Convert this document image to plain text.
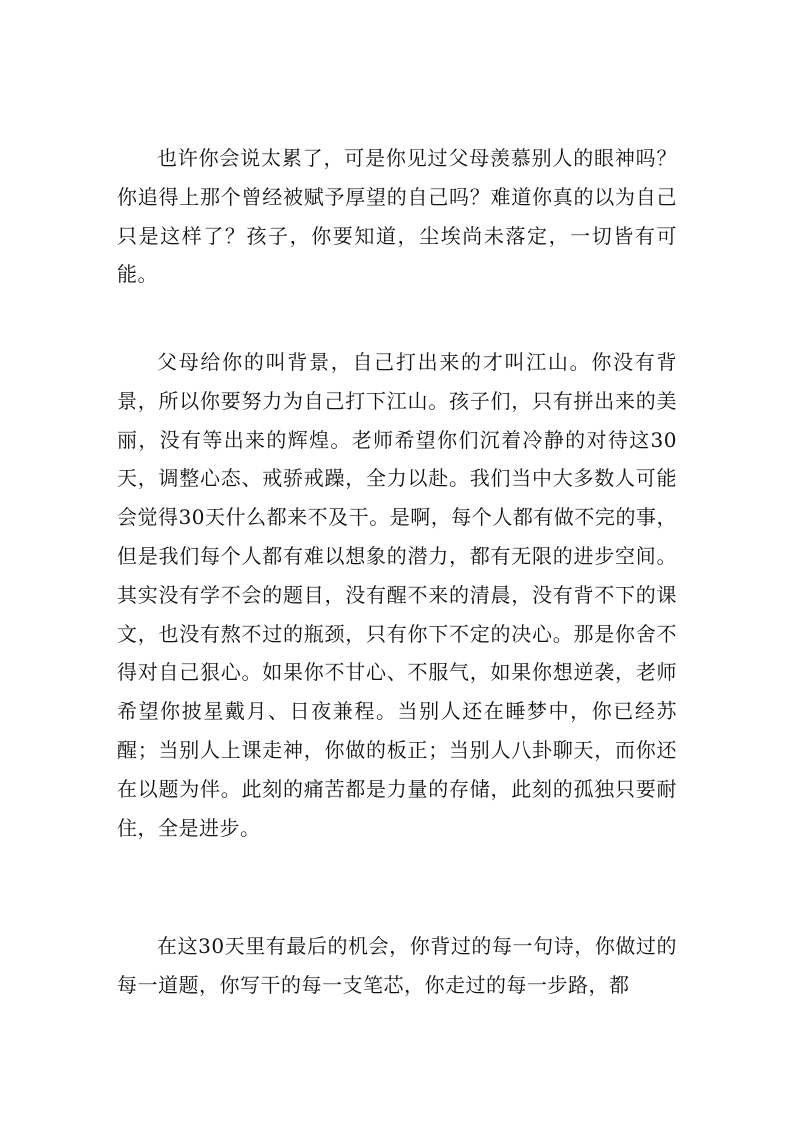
也许你会说太累了，可是你见过父母羡慕别人的眼神吗？你追得上那个曾经被赋予厚望的自己吗？难道你真的以为自己只是这样了？孩子，你要知道，尘埃尚未落定，一切皆有可能。

父母给你的叫背景，自己打出来的才叫江山。你没有背景，所以你要努力为自己打下江山。孩子们，只有拼出来的美丽，没有等出来的辉煌。老师希望你们沉着冷静的对待这30天，调整心态、戒骄戒躁，全力以赴。我们当中大多数人可能会觉得30天什么都来不及干。是啊，每个人都有做不完的事，但是我们每个人都有难以想象的潜力，都有无限的进步空间。其实没有学不会的题目，没有醒不来的清晨，没有背不下的课文，也没有熬不过的瓶颈，只有你下不定的决心。那是你舍不得对自己狠心。如果你不甘心、不服气，如果你想逆袭，老师希望你披星戴月、日夜兼程。当别人还在睡梦中，你已经苏醒；当别人上课走神，你做的板正；当别人八卦聊天，而你还在以题为伴。此刻的痛苦都是力量的存储，此刻的孤独只要耐住，全是进步。

在这30天里有最后的机会，你背过的每一句诗，你做过的每一道题，你写干的每一支笔芯，你走过的每一步路，都
